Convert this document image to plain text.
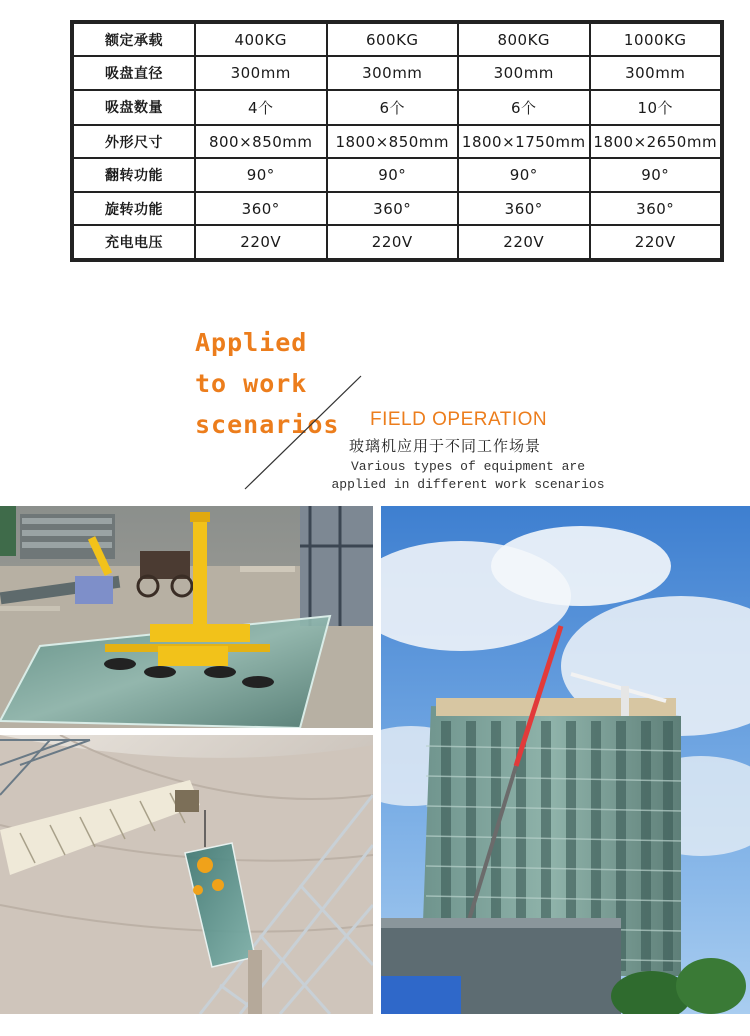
额定承载	400KG	600KG	800KG	1000KG
吸盘直径	300mm	300mm	300mm	300mm
吸盘数量	4个	6个	6个	10个
外形尺寸	800×850mm	1800×850mm	1800×1750mm	1800×2650mm
翻转功能	90°	90°	90°	90°
旋转功能	360°	360°	360°	360°
充电电压	220V	220V	220V	220V
Applied
to work
scenarios FIELD OPERATION
玻璃机应用于不同工作场景
Various types of equipment are
applied in different work scenarios
